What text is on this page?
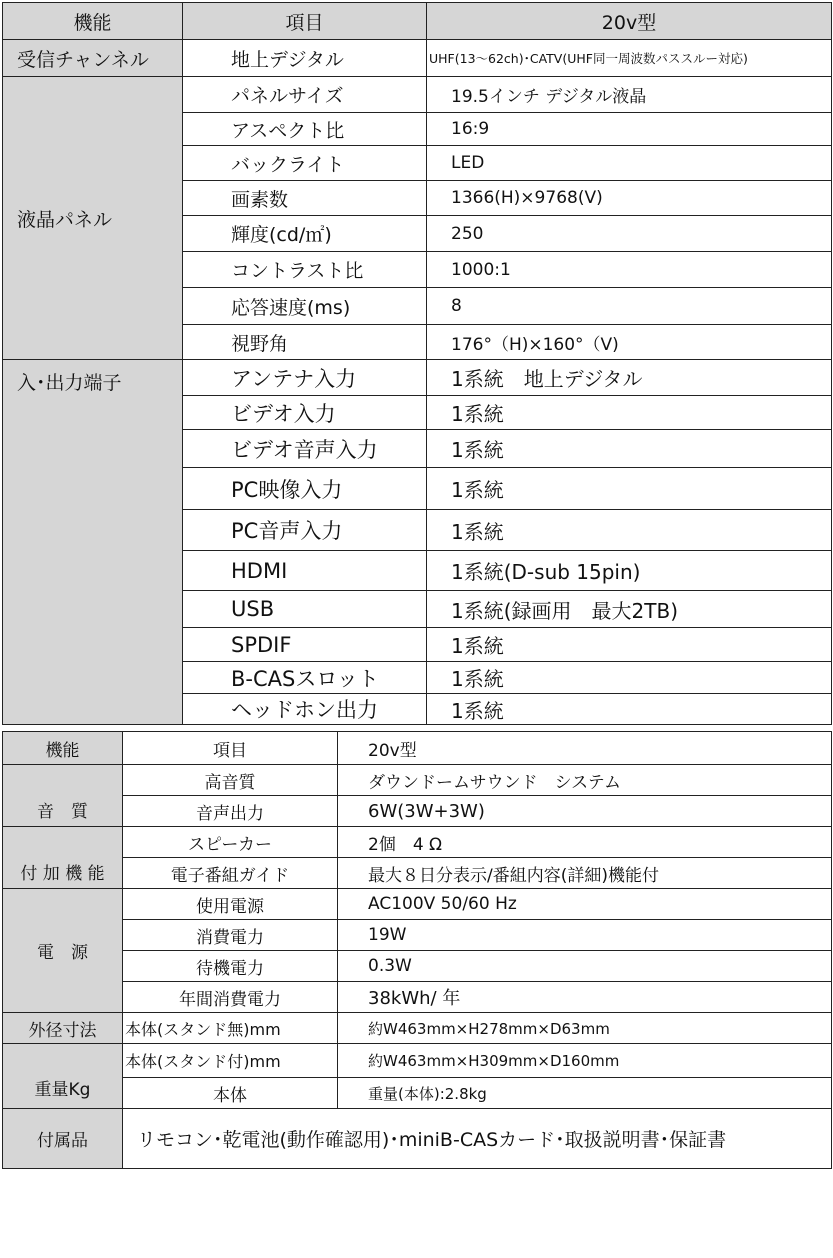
機能	項目	20v型
受信チャンネル	地上デジタル	UHF(13～62ch)･CATV(UHF同一周波数パススルー対応)
液晶パネル	パネルサイズ	19.5インチ デジタル液晶
	アスペクト比	16:9
	バックライト	LED
	画素数	1366(H)×9768(V)
	輝度(cd/㎡)	250
	コントラスト比	1000:1
	応答速度(ms)	8
	視野角	176°（H)×160°（V)
入･出力端子	アンテナ入力	1系統　地上デジタル
	ビデオ入力	1系統
	ビデオ音声入力	1系統
	PC映像入力	1系統
	PC音声入力	1系統
	HDMI	1系統(D-sub 15pin)
	USB	1系統(録画用　最大2TB)
	SPDIF	1系統
	B-CASスロット	1系統
	ヘッドホン出力	1系統
機能	項目	20v型
音　質	高音質	ダウンドームサウンド　システム
	音声出力	6W(3W+3W)
付 加 機 能	スピーカー	2個　4 Ω
	電子番組ガイド	最大８日分表示/番組内容(詳細)機能付
電　源	使用電源	AC100V 50/60 Hz
	消費電力	19W
	待機電力	0.3W
	年間消費電力	38kWh/ 年
外径寸法	本体(スタンド無)mm	約W463mm×H278mm×D63mm
重量Kg	本体(スタンド付)mm	約W463mm×H309mm×D160mm
	本体	重量(本体):2.8kg
付属品	リモコン･乾電池(動作確認用)･miniB-CASカード･取扱説明書･保証書	
